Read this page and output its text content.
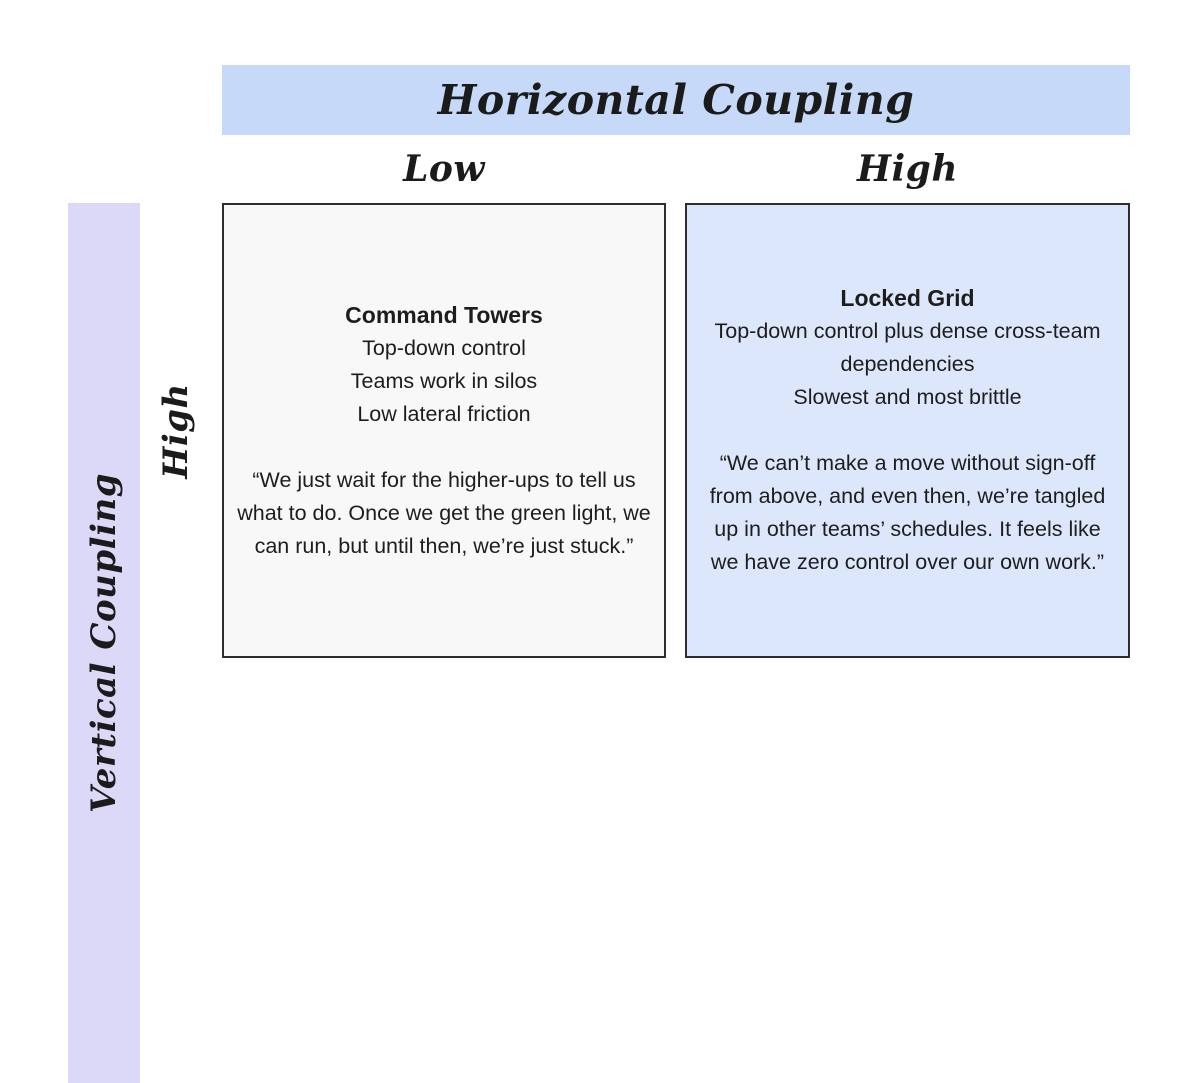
Horizontal Coupling
Low	High
Vertical Coupling
High
Command Towers
Top-down control
Teams work in silos
Low lateral friction
“We just wait for the higher-ups to tell us what to do. Once we get the green light, we can run, but until then, we’re just stuck.”
Locked Grid
Top-down control plus dense cross-team dependencies
Slowest and most brittle
“We can’t make a move without sign-off from above, and even then, we’re tangled up in other teams’ schedules. It feels like we have zero control over our own work.”
